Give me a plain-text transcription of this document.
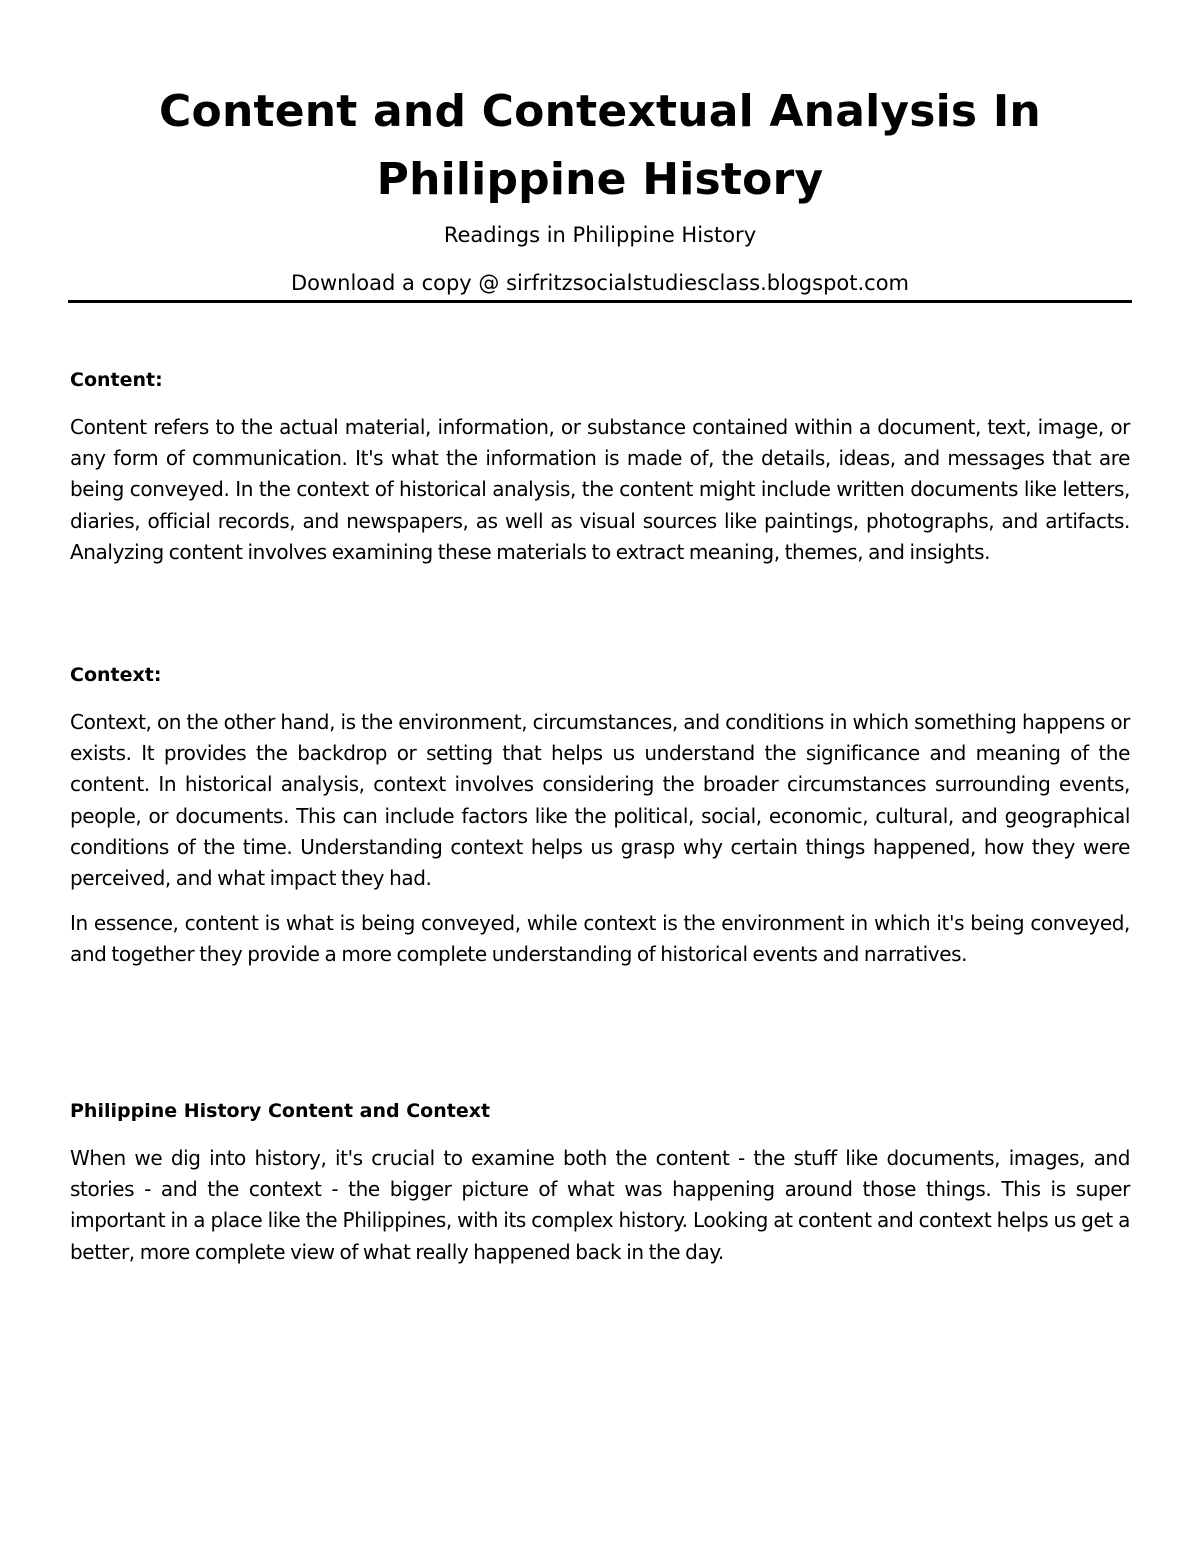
Content and Contextual Analysis In
Philippine History

Readings in Philippine History

Download a copy @ sirfritzsocialstudiesclass.blogspot.com

Content:

Content refers to the actual material, information, or substance contained within a document, text, image, or any form of communication. It's what the information is made of, the details, ideas, and messages that are being conveyed. In the context of historical analysis, the content might include written documents like letters, diaries, official records, and newspapers, as well as visual sources like paintings, photographs, and artifacts. Analyzing content involves examining these materials to extract meaning, themes, and insights.

Context:

Context, on the other hand, is the environment, circumstances, and conditions in which something happens or exists. It provides the backdrop or setting that helps us understand the significance and meaning of the content. In historical analysis, context involves considering the broader circumstances surrounding events, people, or documents. This can include factors like the political, social, economic, cultural, and geographical conditions of the time. Understanding context helps us grasp why certain things happened, how they were perceived, and what impact they had.

In essence, content is what is being conveyed, while context is the environment in which it's being conveyed, and together they provide a more complete understanding of historical events and narratives.

Philippine History Content and Context

When we dig into history, it's crucial to examine both the content - the stuff like documents, images, and stories - and the context - the bigger picture of what was happening around those things. This is super important in a place like the Philippines, with its complex history. Looking at content and context helps us get a better, more complete view of what really happened back in the day.
